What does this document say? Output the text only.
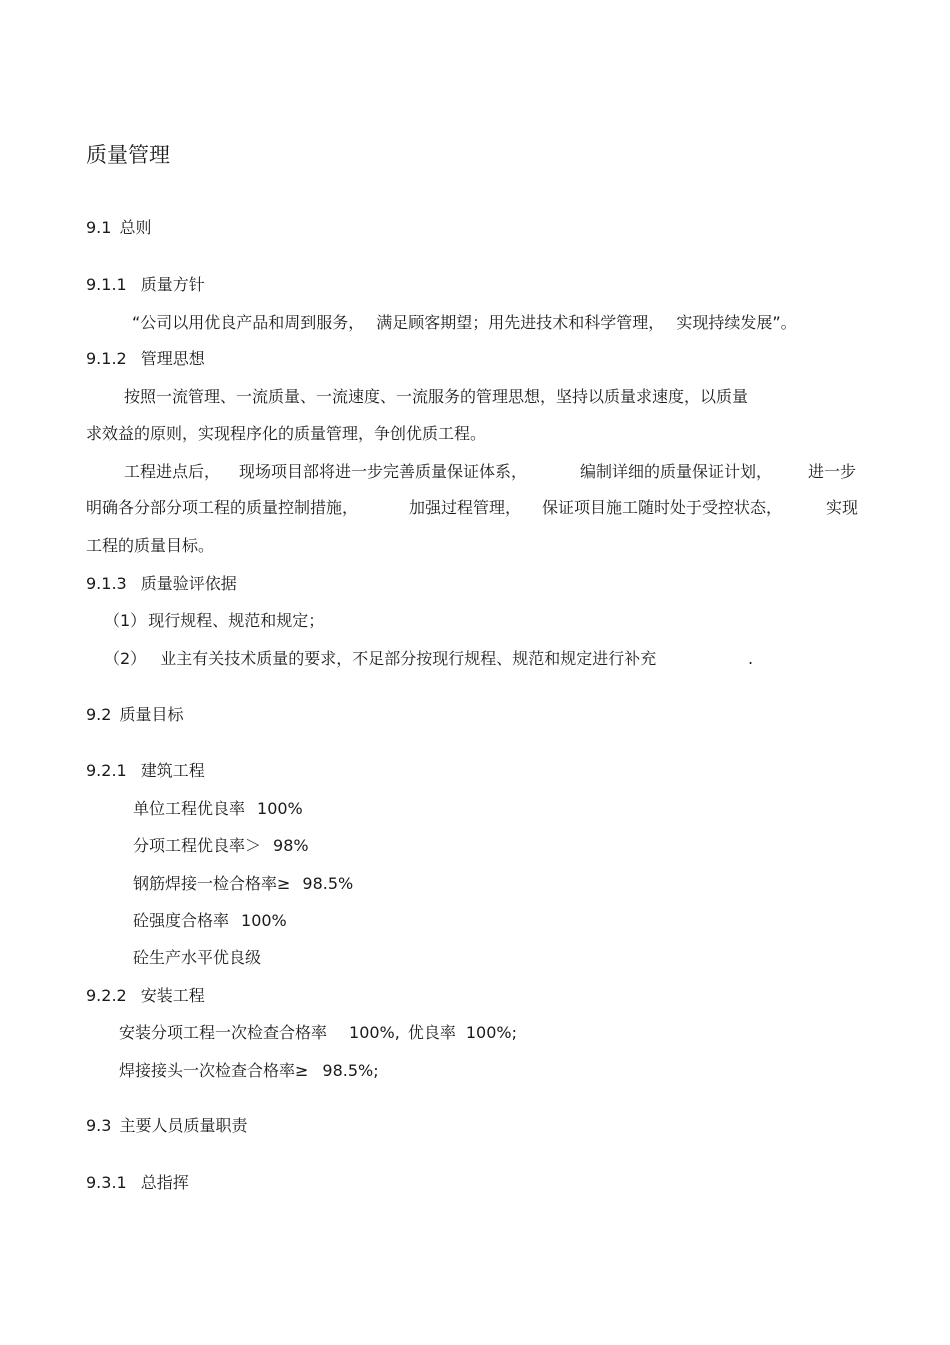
质量管理
9.1 总则
9.1.1 质量方针
“公司以用优良产品和周到服务， 满足顾客期望；用先进技术和科学管理， 实现持续发展”。
9.1.2 管理思想
按照一流管理、一流质量、一流速度、一流服务的管理思想，坚持以质量求速度，以质量
求效益的原则，实现程序化的质量管理，争创优质工程。
工程进点后， 现场项目部将进一步完善质量保证体系，	编制详细的质量保证计划， 进一步
明确各分部分项工程的质量控制措施，	加强过程管理， 保证项目施工随时处于受控状态，	实现
工程的质量目标。
9.1.3 质量验评依据
（1） 现行规程、规范和规定；
（2） 业主有关技术质量的要求，不足部分按现行规程、规范和规定进行补充	.
9.2 质量目标
9.2.1 建筑工程
单位工程优良率 100%
分项工程优良率＞ 98%
钢筋焊接一检合格率≥ 98.5%
砼强度合格率 100%
砼生产水平优良级
9.2.2 安装工程
安装分项工程一次检查合格率 100%, 优良率 100%;
焊接接头一次检查合格率≥ 98.5%;
9.3 主要人员质量职责
9.3.1 总指挥
